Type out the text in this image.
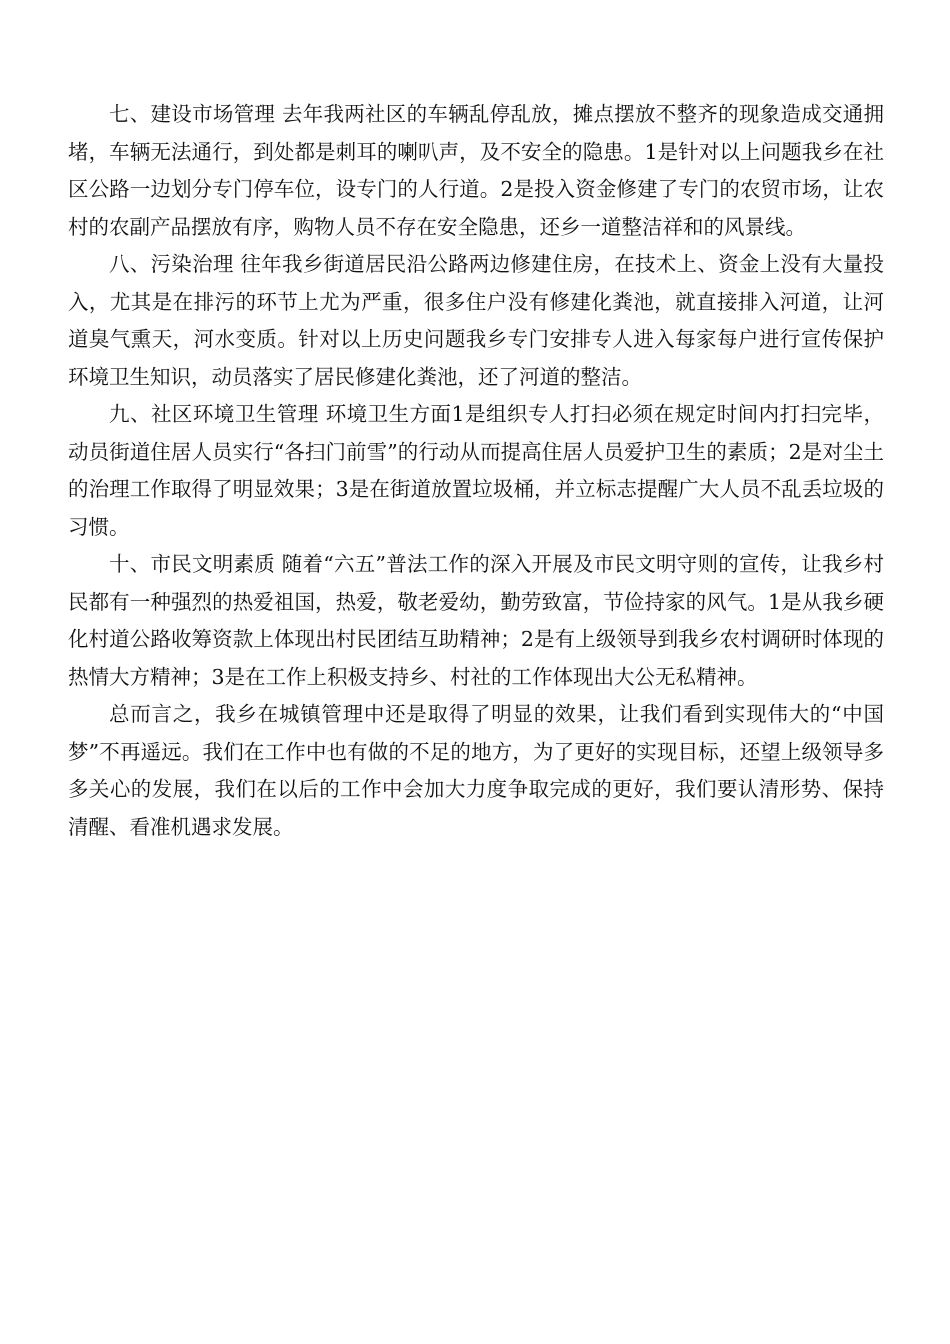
七、建设市场管理 去年我两社区的车辆乱停乱放，摊点摆放不整齐的现象造成交通拥堵，车辆无法通行，到处都是刺耳的喇叭声，及不安全的隐患。1是针对以上问题我乡在社区公路一边划分专门停车位，设专门的人行道。2是投入资金修建了专门的农贸市场，让农村的农副产品摆放有序，购物人员不存在安全隐患，还乡一道整洁祥和的风景线。

八、污染治理 往年我乡街道居民沿公路两边修建住房，在技术上、资金上没有大量投入，尤其是在排污的环节上尤为严重，很多住户没有修建化粪池，就直接排入河道，让河道臭气熏天，河水变质。针对以上历史问题我乡专门安排专人进入每家每户进行宣传保护环境卫生知识，动员落实了居民修建化粪池，还了河道的整洁。

九、社区环境卫生管理 环境卫生方面1是组织专人打扫必须在规定时间内打扫完毕，动员街道住居人员实行“各扫门前雪”的行动从而提高住居人员爱护卫生的素质；2是对尘土的治理工作取得了明显效果；3是在街道放置垃圾桶，并立标志提醒广大人员不乱丢垃圾的习惯。

十、市民文明素质 随着“六五”普法工作的深入开展及市民文明守则的宣传，让我乡村民都有一种强烈的热爱祖国，热爱，敬老爱幼，勤劳致富，节俭持家的风气。1是从我乡硬化村道公路收筹资款上体现出村民团结互助精神；2是有上级领导到我乡农村调研时体现的热情大方精神；3是在工作上积极支持乡、村社的工作体现出大公无私精神。

总而言之，我乡在城镇管理中还是取得了明显的效果，让我们看到实现伟大的“中国梦”不再遥远。我们在工作中也有做的不足的地方，为了更好的实现目标，还望上级领导多多关心的发展，我们在以后的工作中会加大力度争取完成的更好，我们要认清形势、保持清醒、看准机遇求发展。
